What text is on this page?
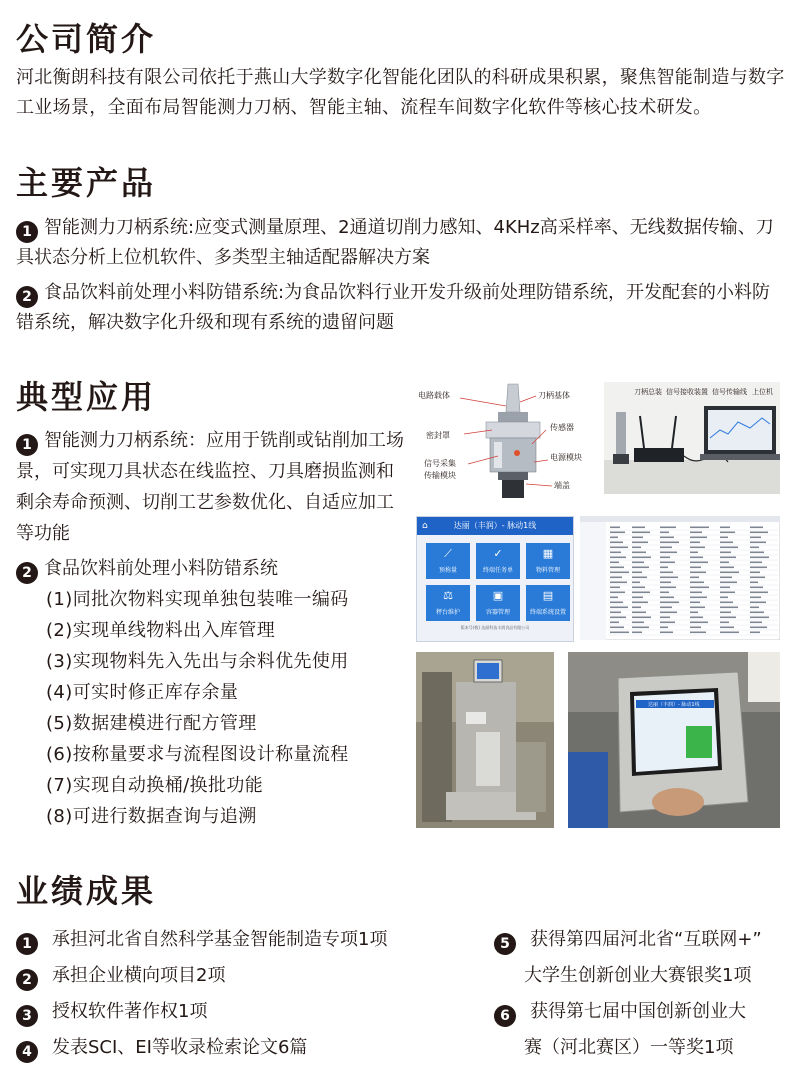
公司简介

河北衡朗科技有限公司依托于燕山大学数字化智能化团队的科研成果积累，聚焦智能制造与数字工业场景，全面布局智能测力刀柄、智能主轴、流程车间数字化软件等核心技术研发。

主要产品
1 智能测力刀柄系统:应变式测量原理、2通道切削力感知、4KHz高采样率、无线数据传输、刀具状态分析上位机软件、多类型主轴适配器解决方案
2 食品饮料前处理小料防错系统:为食品饮料行业开发升级前处理防错系统，开发配套的小料防错系统，解决数字化升级和现有系统的遗留问题
典型应用
1 智能测力刀柄系统：应用于铣削或钻削加工场景，可实现刀具状态在线监控、刀具磨损监测和剩余寿命预测、切削工艺参数优化、自适应加工等功能
2 食品饮料前处理小料防错系统
(1)同批次物料实现单独包装唯一编码
(2)实现单线物料出入库管理
(3)实现物料先入先出与余料优先使用
(4)可实时修正库存余量
(5)数据建模进行配方管理
(6)按称量要求与流程图设计称量流程
(7)实现自动换桶/换批功能
(8)可进行数据查询与追溯
电路载体	刀柄基体
传感器
密封罩
电源模块
信号采集
传输模块
端盖
刀柄总装 信号接收装置 信号传输线 上位机
⌂	达丽（丰润）- 脉动1线
⟋
预称量
✓
终端任务单
▦
物料管理
⚖
秤台维护
▣
容器管理
▤
终端系统设置
版本号(数) 达丽科技丰润食品有限公司
达丽（丰润）- 脉动1线
业绩成果
1 承担河北省自然科学基金智能制造专项1项
2 承担企业横向项目2项
3 授权软件著作权1项
4 发表SCI、EI等收录检索论文6篇
5 获得第四届河北省“互联网+”
大学生创新创业大赛银奖1项
6 获得第七届中国创新创业大
赛（河北赛区）一等奖1项
